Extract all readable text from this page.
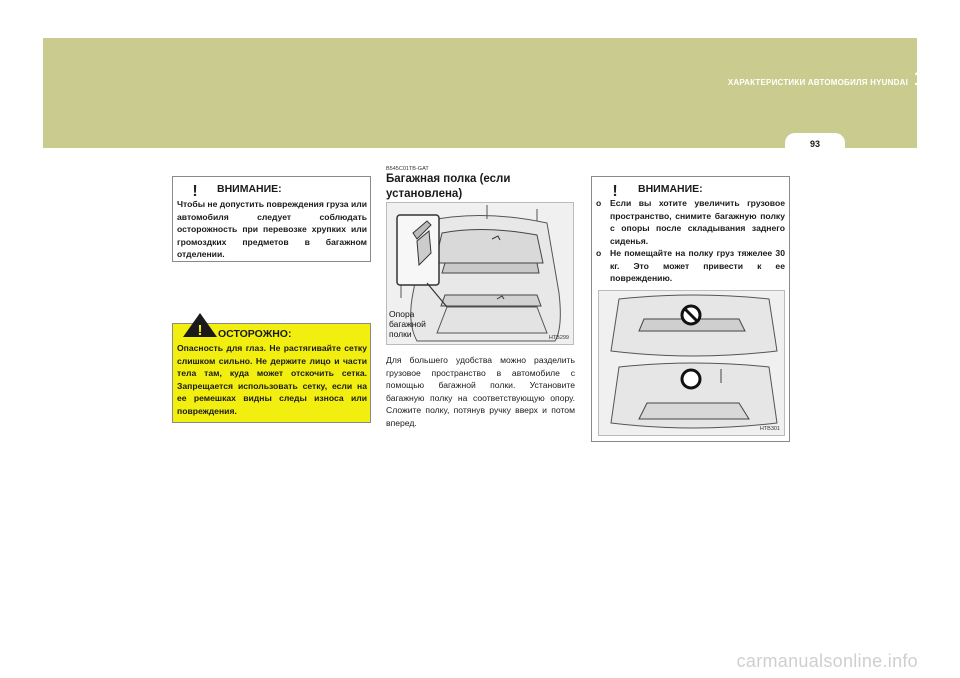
ХАРАКТЕРИСТИКИ АВТОМОБИЛЯ HYUNDAI 1
93
! ВНИМАНИЕ:
Чтобы не допустить повреждения груза или автомобиля следует соблюдать осторожность при перевозке хрупких или громоздких предметов в багажном отделении.
! ОСТОРОЖНО:
Опасность для глаз. Не растягивайте сетку слишком сильно. Не держите лицо и части тела там, куда может отскочить сетка. Запрещается использовать сетку, если на ее ремешках видны следы износа или повреждения.
B545C01TB-GAT
Багажная полка (если установлена)
HTB299
Опора
багажной
полки
Для большего удобства можно разделить грузовое пространство в автомобиле с помощью багажной полки. Установите багажную полку на соответствующую опору. Сложите полку, потянув ручку вверх и потом вперед.
! ВНИМАНИЕ:
HTB301
o Если вы хотите увеличить грузовое пространство, снимите багажную полку с опоры после складывания заднего сиденья.
o Не помещайте на полку груз тяжелее 30 кг. Это может привести к ее повреждению.
carmanualsonline.info
